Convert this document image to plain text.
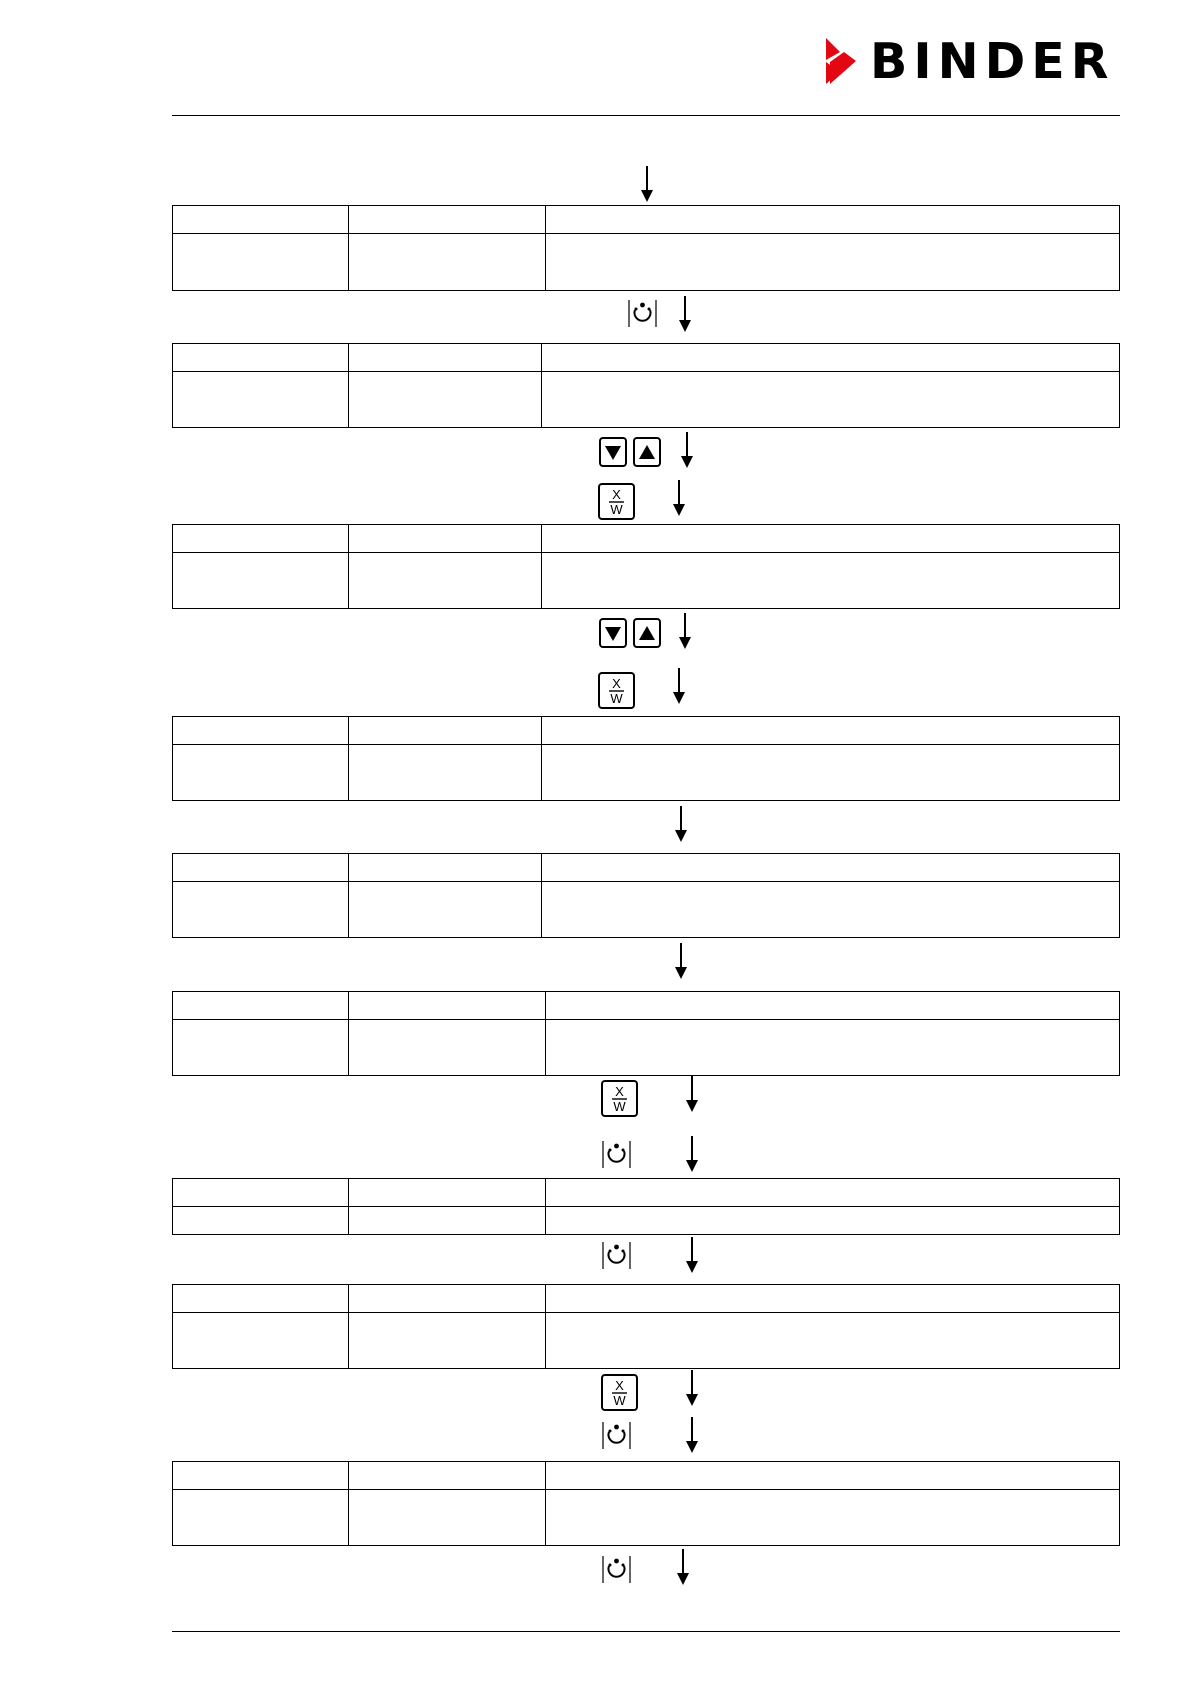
BINDER

X
W
X
W
X
W
X
W
